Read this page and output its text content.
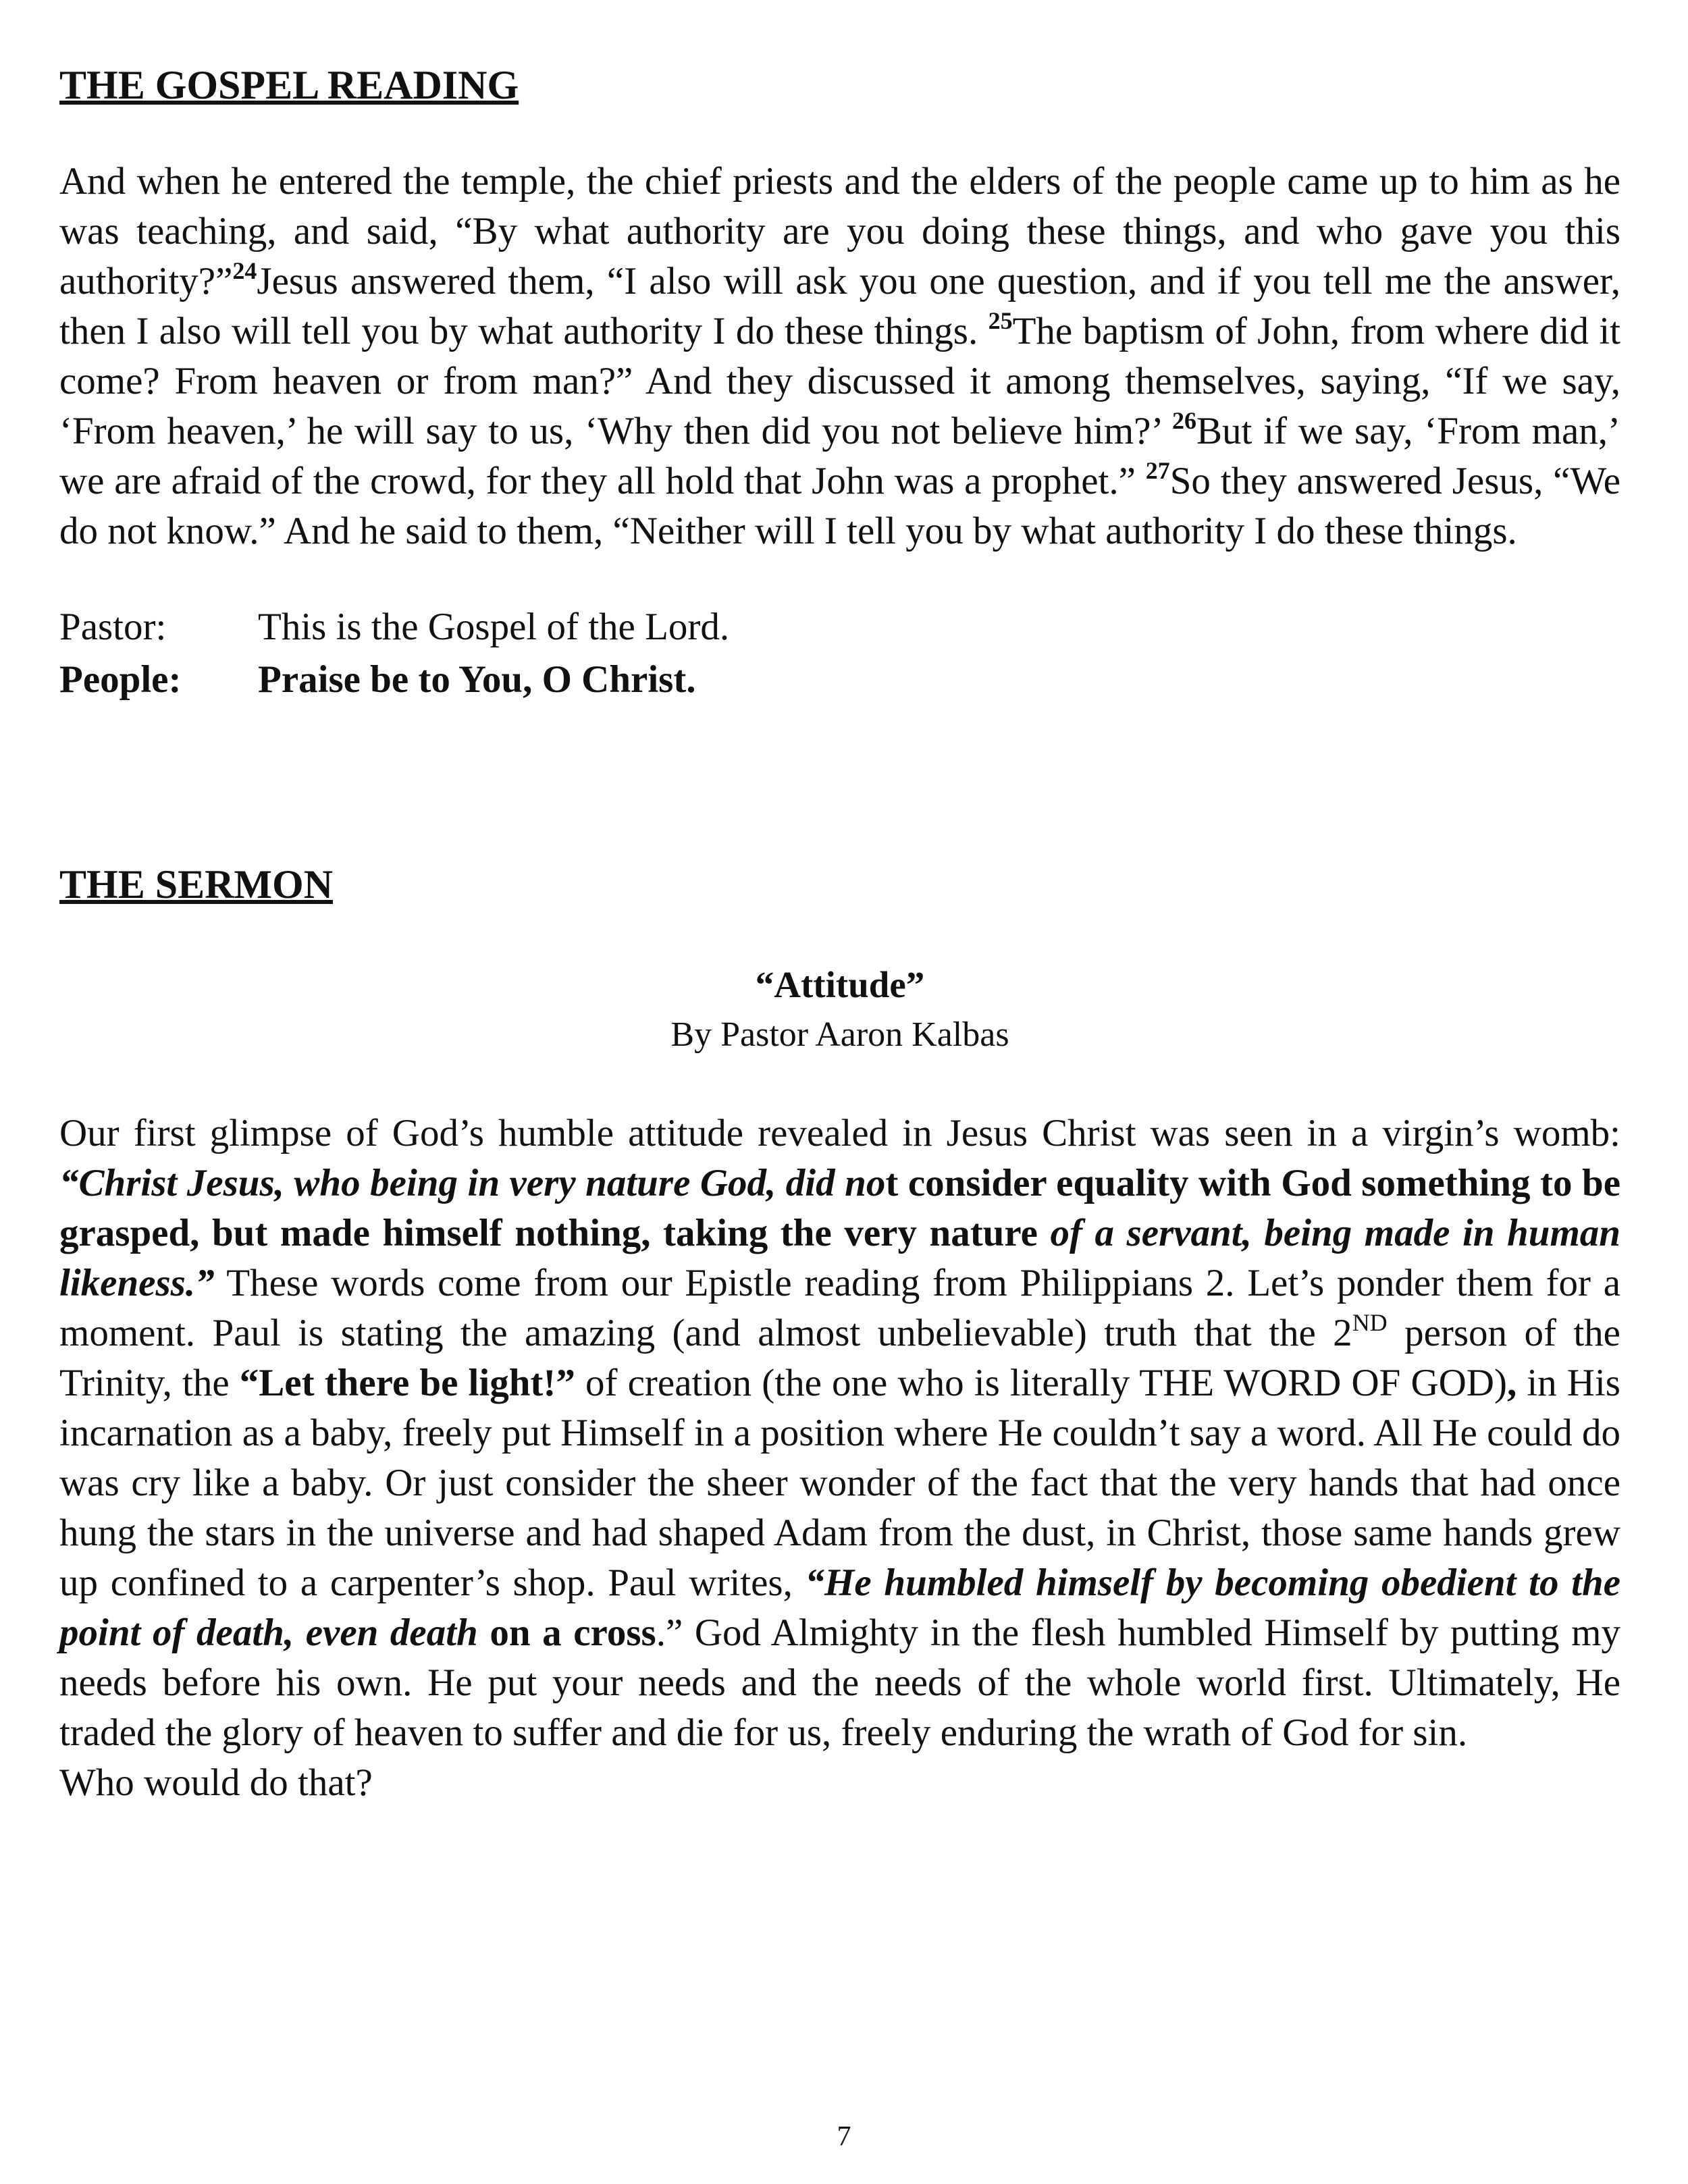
THE GOSPEL READING

And when he entered the temple, the chief priests and the elders of the people came up to him as he was teaching, and said, “By what authority are you doing these things, and who gave you this authority?”$^{24}$Jesus answered them, “I also will ask you one question, and if you tell me the answer, then I also will tell you by what authority I do these things. $^{25}$The baptism of John, from where did it come? From heaven or from man?” And they discussed it among themselves, saying, “If we say, ‘From heaven,’ he will say to us, ‘Why then did you not believe him?’ $^{26}$But if we say, ‘From man,’ we are afraid of the crowd, for they all hold that John was a prophet.” $^{27}$So they answered Jesus, “We do not know.” And he said to them, “Neither will I tell you by what authority I do these things.

Pastor:	This is the Gospel of the Lord.
People:	Praise be to You, O Christ.
THE SERMON
“Attitude”
By Pastor Aaron Kalbas

Our first glimpse of God’s humble attitude revealed in Jesus Christ was seen in a virgin’s womb: “Christ Jesus, who being in very nature God, did not consider equality with God something to be grasped, but made himself nothing, taking the very nature of a servant, being made in human likeness.” These words come from our Epistle reading from Philippians 2. Let’s ponder them for a moment. Paul is stating the amazing (and almost unbelievable) truth that the 2ND person of the Trinity, the “Let there be light!” of creation (the one who is literally THE WORD OF GOD), in His incarnation as a baby, freely put Himself in a position where He couldn’t say a word. All He could do was cry like a baby. Or just consider the sheer wonder of the fact that the very hands that had once hung the stars in the universe and had shaped Adam from the dust, in Christ, those same hands grew up confined to a carpenter’s shop. Paul writes, “He humbled himself by becoming obedient to the point of death, even death on a cross.” God Almighty in the flesh humbled Himself by putting my needs before his own. He put your needs and the needs of the whole world first. Ultimately, He traded the glory of heaven to suffer and die for us, freely enduring the wrath of God for sin.

Who would do that?

7
